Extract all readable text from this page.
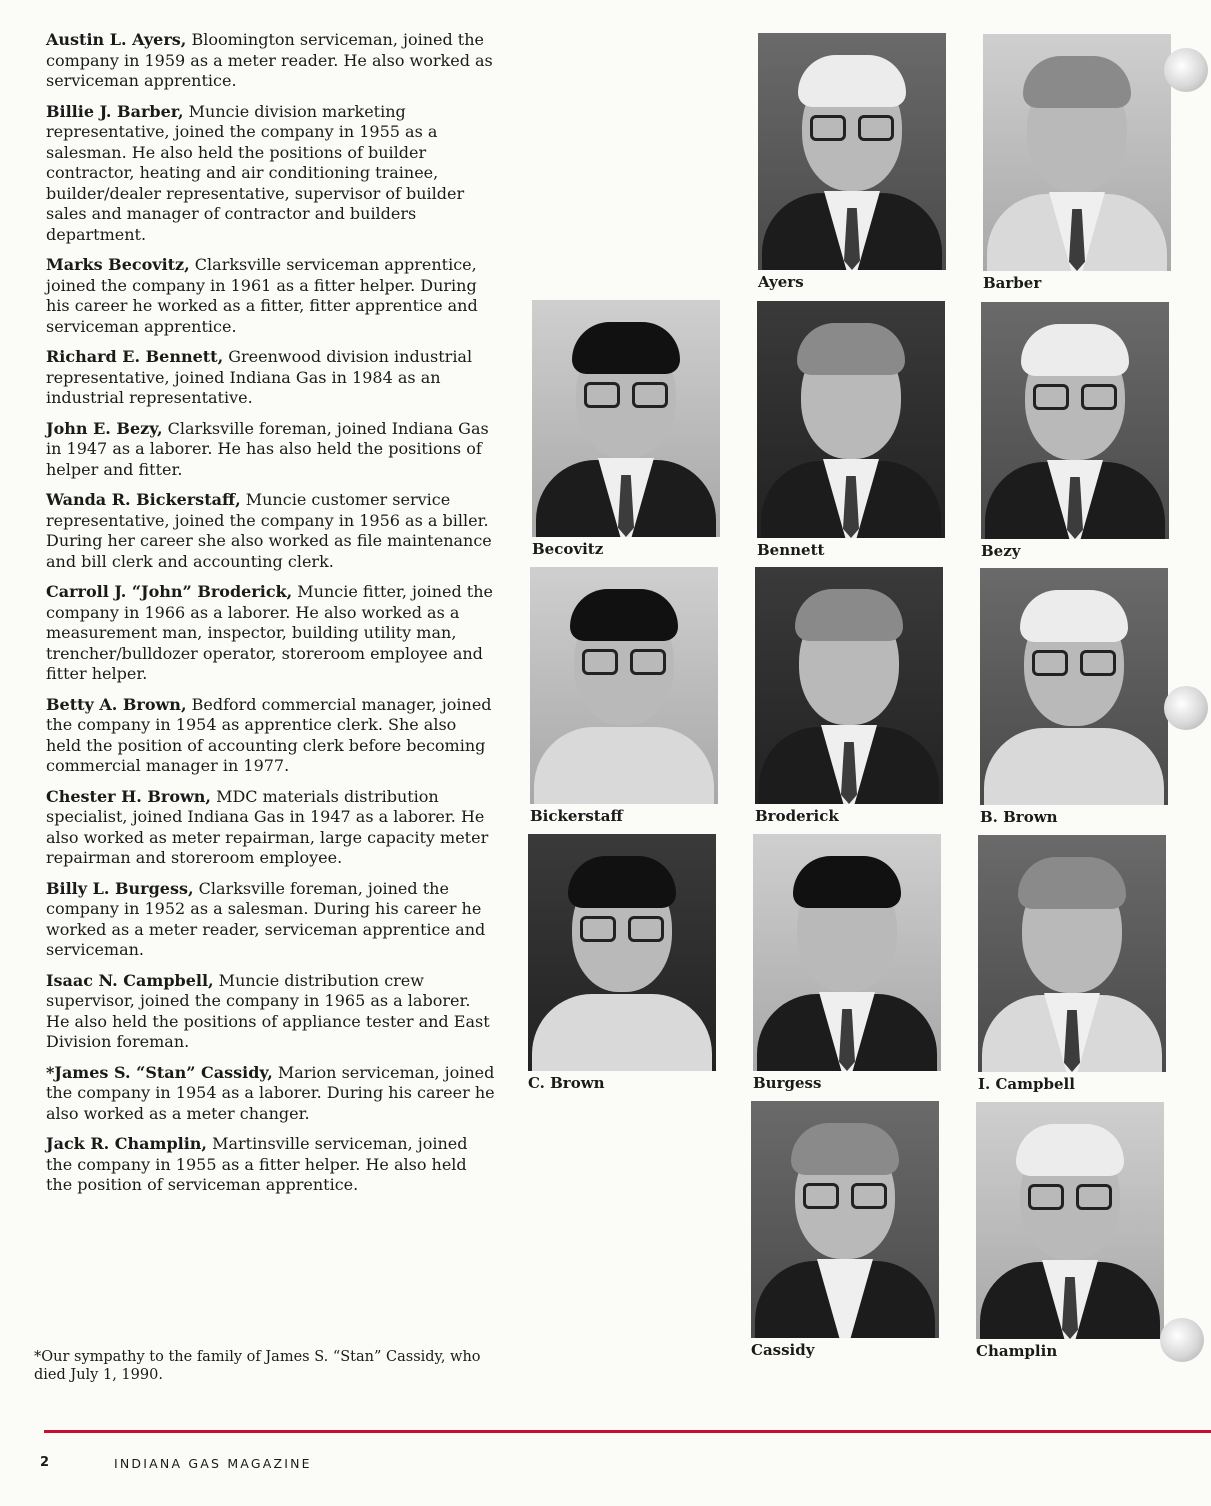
Austin L. Ayers, Bloomington serviceman, joined the company in 1959 as a meter reader. He also worked as serviceman apprentice.

Billie J. Barber, Muncie division marketing representative, joined the company in 1955 as a salesman. He also held the positions of builder contractor, heating and air conditioning trainee, builder/dealer representative, supervisor of builder sales and manager of contractor and builders department.

Marks Becovitz, Clarksville serviceman apprentice, joined the company in 1961 as a fitter helper. During his career he worked as a fitter, fitter apprentice and serviceman apprentice.

Richard E. Bennett, Greenwood division industrial representative, joined Indiana Gas in 1984 as an industrial representative.

John E. Bezy, Clarksville foreman, joined Indiana Gas in 1947 as a laborer. He has also held the positions of helper and fitter.

Wanda R. Bickerstaff, Muncie customer service representative, joined the company in 1956 as a biller. During her career she also worked as file maintenance and bill clerk and accounting clerk.

Carroll J. “John” Broderick, Muncie fitter, joined the company in 1966 as a laborer. He also worked as a measurement man, inspector, building utility man, trencher/bulldozer operator, storeroom employee and fitter helper.

Betty A. Brown, Bedford commercial manager, joined the company in 1954 as apprentice clerk. She also held the position of accounting clerk before becoming commercial manager in 1977.

Chester H. Brown, MDC materials distribution specialist, joined Indiana Gas in 1947 as a laborer. He also worked as meter repairman, large capacity meter repairman and storeroom employee.

Billy L. Burgess, Clarksville foreman, joined the company in 1952 as a salesman. During his career he worked as a meter reader, serviceman apprentice and serviceman.

Isaac N. Campbell, Muncie distribution crew supervisor, joined the company in 1965 as a laborer. He also held the positions of appliance tester and East Division foreman.

*James S. “Stan” Cassidy, Marion serviceman, joined the company in 1954 as a laborer. During his career he also worked as a meter changer.

Jack R. Champlin, Martinsville serviceman, joined the company in 1955 as a fitter helper. He also held the position of serviceman apprentice.

*Our sympathy to the family of James S. “Stan” Cassidy, who died July 1, 1990.

Ayers	Barber
Becovitz	Bennett	Bezy
Bickerstaff	Broderick	B. Brown
C. Brown	Burgess	I. Campbell
Cassidy	Champlin
2	INDIANA GAS MAGAZINE
